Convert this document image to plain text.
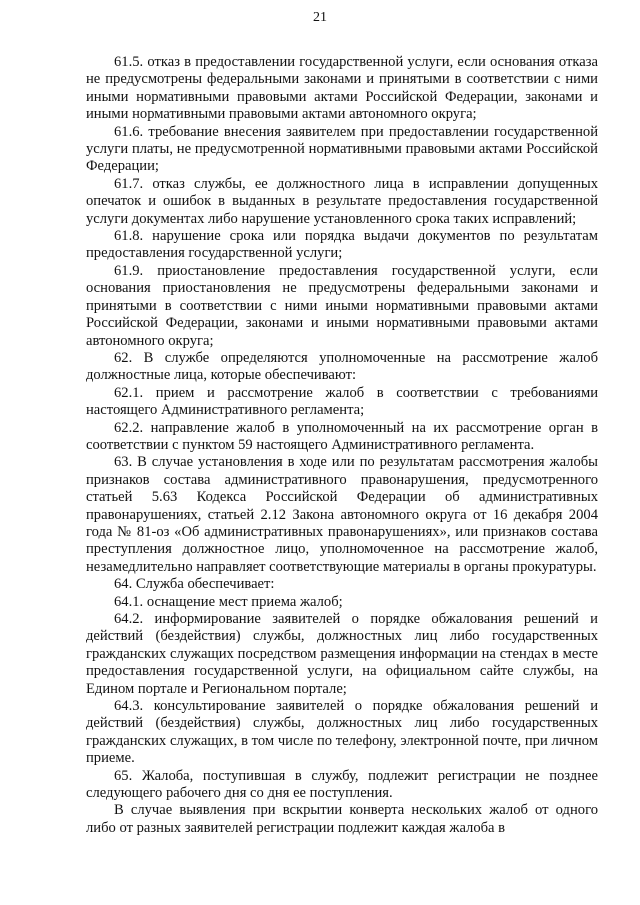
21

61.5. отказ в предоставлении государственной услуги, если основания отказа не предусмотрены федеральными законами и принятыми в соответствии с ними иными нормативными правовыми актами Российской Федерации, законами и иными нормативными правовыми актами автономного округа;

61.6. требование внесения заявителем при предоставлении государственной услуги платы, не предусмотренной нормативными правовыми актами Российской Федерации;

61.7. отказ службы, ее должностного лица в исправлении допущенных опечаток и ошибок в выданных в результате предоставления государственной услуги документах либо нарушение установленного срока таких исправлений;

61.8. нарушение срока или порядка выдачи документов по результатам предоставления государственной услуги;

61.9. приостановление предоставления государственной услуги, если основания приостановления не предусмотрены федеральными законами и принятыми в соответствии с ними иными нормативными правовыми актами Российской Федерации, законами и иными нормативными правовыми актами автономного округа;

62. В службе определяются уполномоченные на рассмотрение жалоб должностные лица, которые обеспечивают:

62.1. прием и рассмотрение жалоб в соответствии с требованиями настоящего Административного регламента;

62.2. направление жалоб в уполномоченный на их рассмотрение орган в соответствии с пунктом 59 настоящего Административного регламента.

63. В случае установления в ходе или по результатам рассмотрения жалобы признаков состава административного правонарушения, предусмотренного статьей 5.63 Кодекса Российской Федерации об административных правонарушениях, статьей 2.12 Закона автономного округа от 16 декабря 2004 года № 81-оз «Об административных правонарушениях», или признаков состава преступления должностное лицо, уполномоченное на рассмотрение жалоб, незамедлительно направляет соответствующие материалы в органы прокуратуры.

64. Служба обеспечивает:

64.1. оснащение мест приема жалоб;

64.2. информирование заявителей о порядке обжалования решений и действий (бездействия) службы, должностных лиц либо государственных гражданских служащих посредством размещения информации на стендах в месте предоставления государственной услуги, на официальном сайте службы, на Едином портале и Региональном портале;

64.3. консультирование заявителей о порядке обжалования решений и действий (бездействия) службы, должностных лиц либо государственных гражданских служащих, в том числе по телефону, электронной почте, при личном приеме.

65. Жалоба, поступившая в службу, подлежит регистрации не позднее следующего рабочего дня со дня ее поступления.

В случае выявления при вскрытии конверта нескольких жалоб от одного либо от разных заявителей регистрации подлежит каждая жалоба в
